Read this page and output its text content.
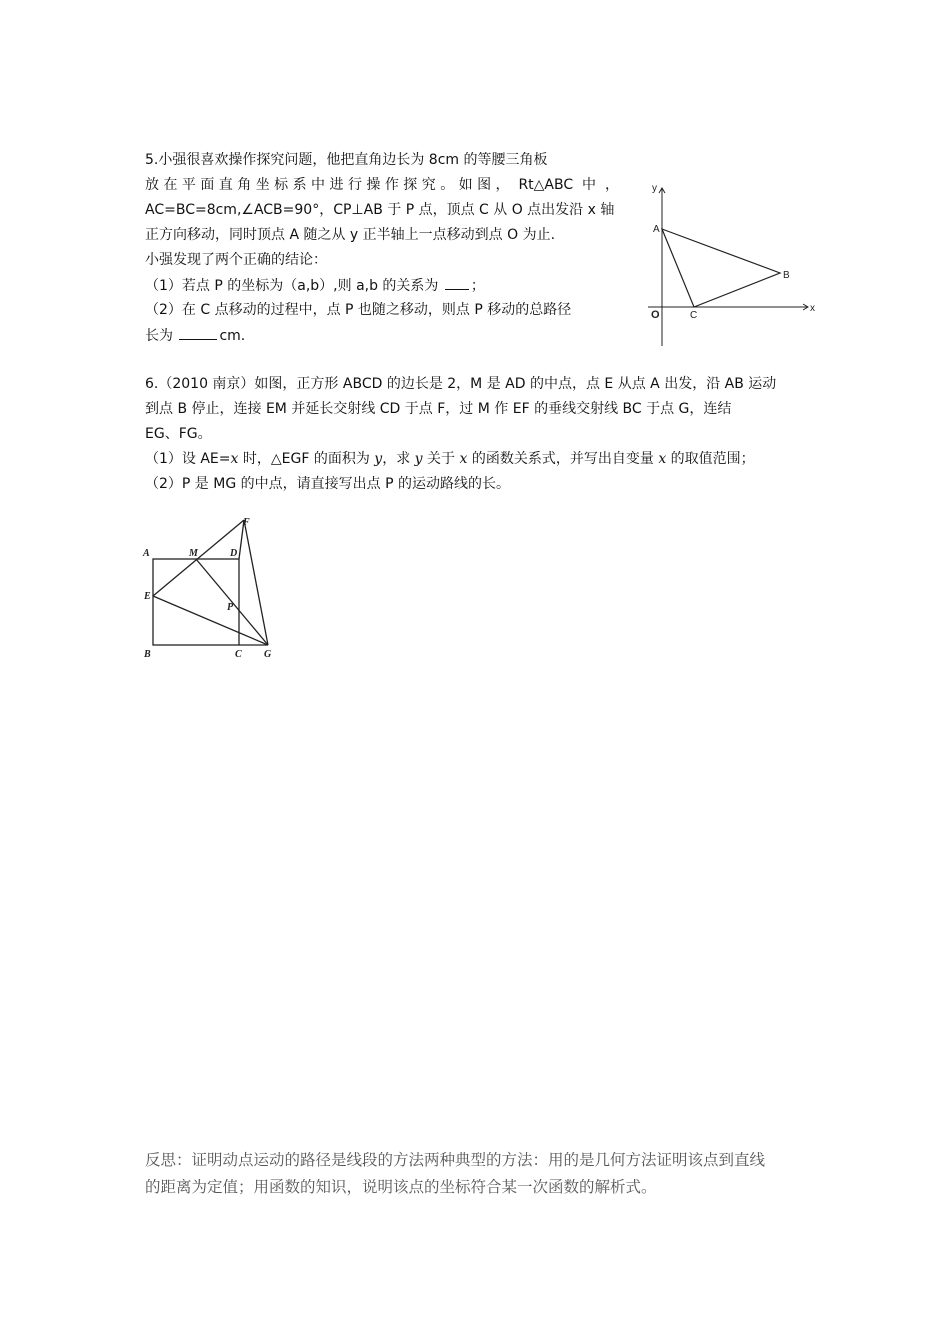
5.小强很喜欢操作探究问题，他把直角边长为 8cm 的等腰三角板
放 在 平 面 直 角 坐 标 系 中 进 行 操 作 探 究 。 如 图 ，  Rt△ABC  中  ，
AC=BC=8cm,∠ACB=90°，CP⊥AB 于 P 点，顶点 C 从 O 点出发沿 x 轴
正方向移动，同时顶点 A 随之从 y 正半轴上一点移动到点 O 为止.
小强发现了两个正确的结论：
（1）若点 P 的坐标为（a,b）,则 a,b 的关系为 ；
（2）在 C 点移动的过程中，点 P 也随之移动，则点 P 移动的总路径
长为	cm.
y
x
A
B
C
O
6.（2010 南京）如图，正方形 ABCD 的边长是 2，M 是 AD 的中点，点 E 从点 A 出发，沿 AB 运动
到点 B 停止，连接 EM 并延长交射线 CD 于点 F，过 M 作 EF 的垂线交射线 BC 于点 G，连结
EG、FG。
（1）设 AE=x 时，△EGF 的面积为 y，求 y 关于 x 的函数关系式，并写出自变量 x 的取值范围；
（2）P 是 MG 的中点，请直接写出点 P 的运动路线的长。
A	M	D
F
E
P
B	C G
反思：证明动点运动的路径是线段的方法两种典型的方法：用的是几何方法证明该点到直线
的距离为定值；用函数的知识，说明该点的坐标符合某一次函数的解析式。
